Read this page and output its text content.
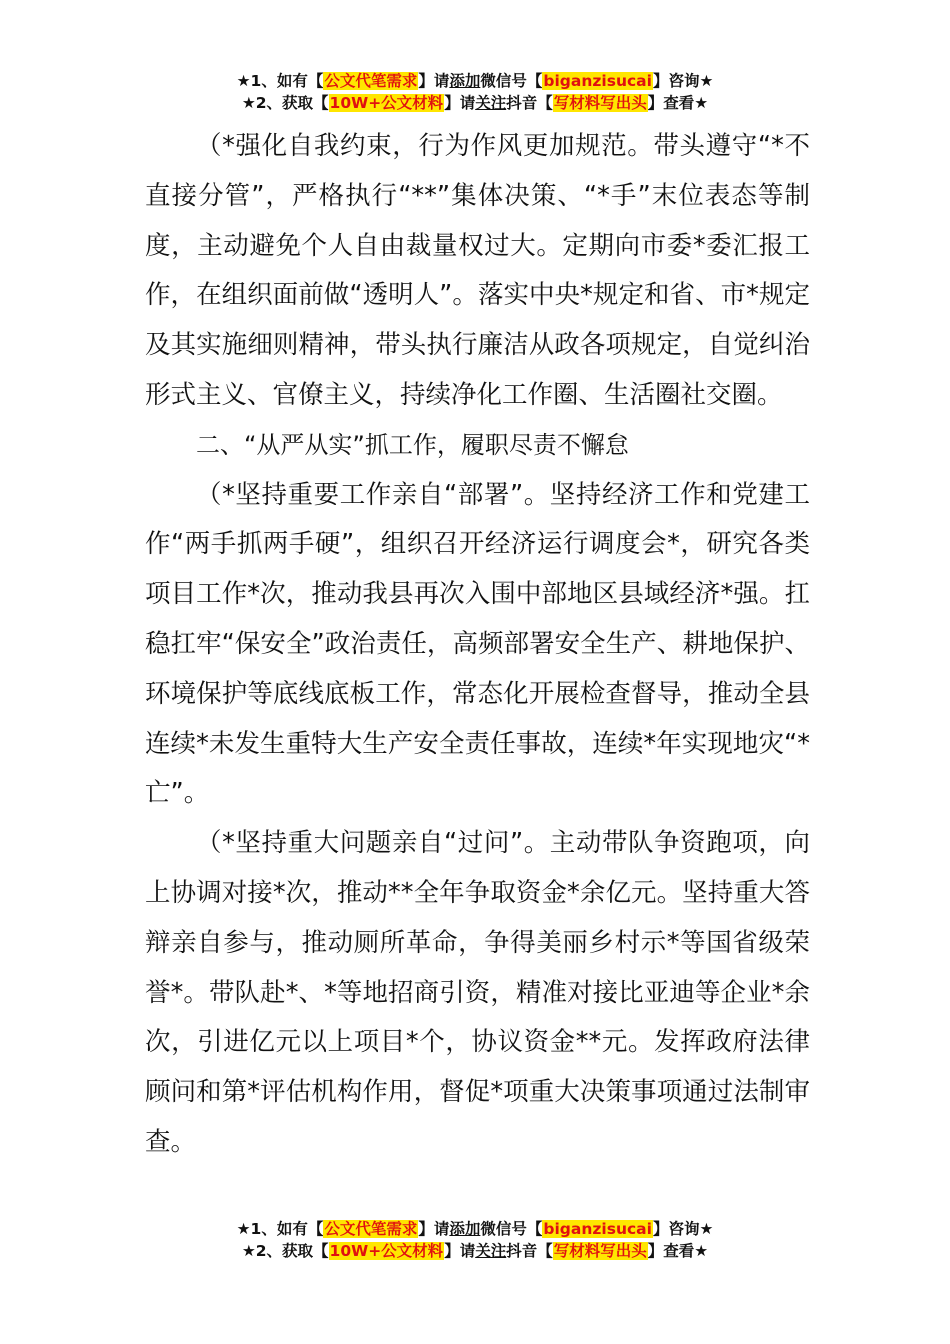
★1、如有【公文代笔需求】请添加微信号【biganzisucai】咨询★
★2、获取【10W+公文材料】请关注抖音【写材料写出头】查看★

（*强化自我约束，行为作风更加规范。带头遵守“*不直接分管”，严格执行“**”集体决策、“*手”末位表态等制度，主动避免个人自由裁量权过大。定期向市委*委汇报工作，在组织面前做“透明人”。落实中央*规定和省、市*规定及其实施细则精神，带头执行廉洁从政各项规定，自觉纠治形式主义、官僚主义，持续净化工作圈、生活圈社交圈。

二、“从严从实”抓工作，履职尽责不懈怠

（*坚持重要工作亲自“部署”。坚持经济工作和党建工作“两手抓两手硬”，组织召开经济运行调度会*，研究各类项目工作*次，推动我县再次入围中部地区县域经济*强。扛稳扛牢“保安全”政治责任，高频部署安全生产、耕地保护、环境保护等底线底板工作，常态化开展检查督导，推动全县连续*未发生重特大生产安全责任事故，连续*年实现地灾“*亡”。

（*坚持重大问题亲自“过问”。主动带队争资跑项，向上协调对接*次，推动**全年争取资金*余亿元。坚持重大答辩亲自参与，推动厕所革命，争得美丽乡村示*等国省级荣誉*。带队赴*、*等地招商引资，精准对接比亚迪等企业*余次，引进亿元以上项目*个，协议资金**元。发挥政府法律顾问和第*评估机构作用，督促*项重大决策事项通过法制审查。

★1、如有【公文代笔需求】请添加微信号【biganzisucai】咨询★
★2、获取【10W+公文材料】请关注抖音【写材料写出头】查看★
